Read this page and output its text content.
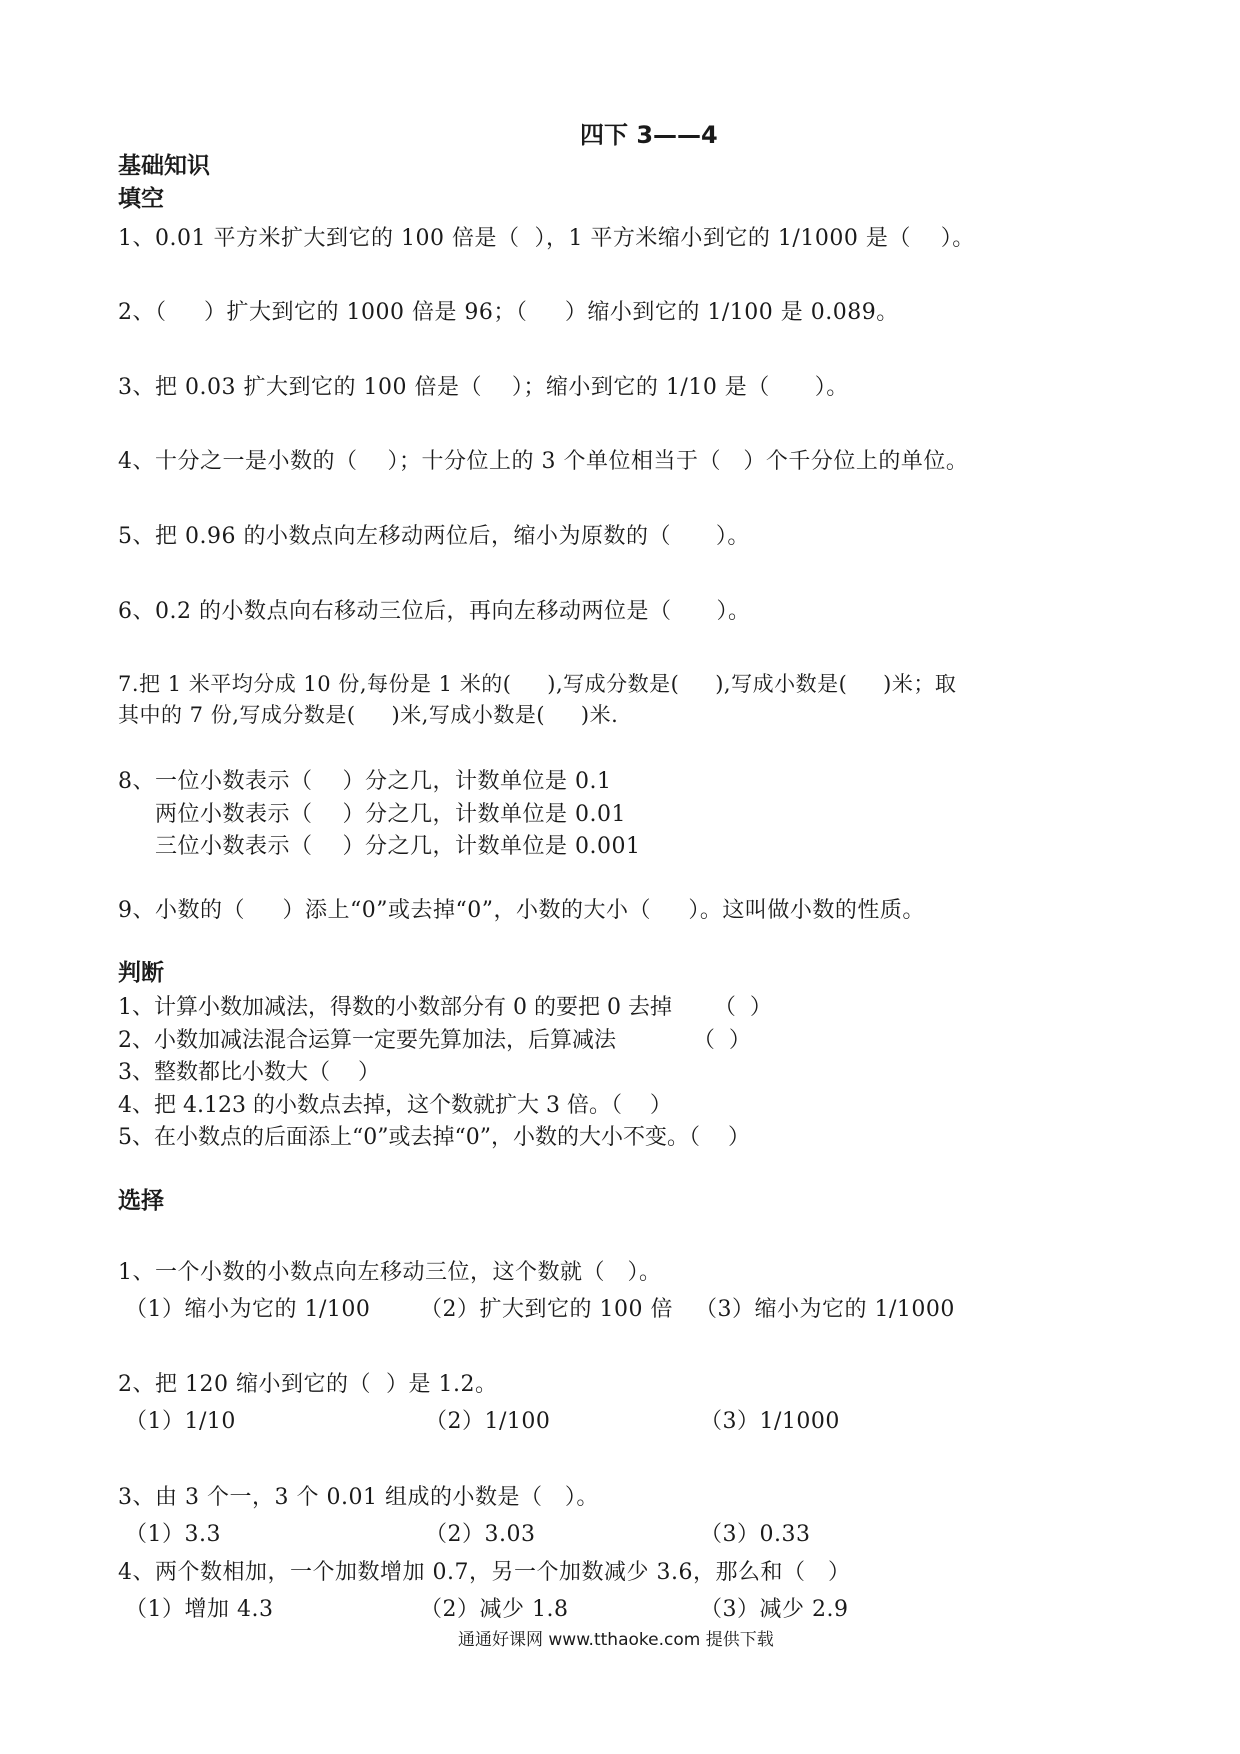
四下 3——4
基础知识
填空
1、0.01 平方米扩大到它的 100 倍是（  ），1 平方米缩小到它的 1/1000 是（    ）。
2、（     ）扩大到它的 1000 倍是 96；（     ）缩小到它的 1/100 是 0.089。
3、把 0.03 扩大到它的 100 倍是（    ）；缩小到它的 1/10 是（      ）。
4、十分之一是小数的（    ）；十分位上的 3 个单位相当于（   ）个千分位上的单位。
5、把 0.96 的小数点向左移动两位后，缩小为原数的（      ）。
6、0.2 的小数点向右移动三位后，再向左移动两位是（      ）。
7.把 1 米平均分成 10 份,每份是 1 米的(     ),写成分数是(     ),写成小数是(     )米；取
其中的 7 份,写成分数是(     )米,写成小数是(     )米.
8、一位小数表示（    ）分之几，计数单位是 0.1
两位小数表示（    ）分之几，计数单位是 0.01
三位小数表示（    ）分之几，计数单位是 0.001
9、小数的（     ）添上“0”或去掉“0”，小数的大小（     ）。这叫做小数的性质。
判断
1、计算小数加减法，得数的小数部分有 0 的要把 0 去掉      （  ）
2、小数加减法混合运算一定要先算加法，后算减法           （  ）
3、整数都比小数大（    ）
4、把 4.123 的小数点去掉，这个数就扩大 3 倍。（    ）
5、在小数点的后面添上“0”或去掉“0”，小数的大小不变。（    ）
选择
1、一个小数的小数点向左移动三位，这个数就（   ）。
（1）缩小为它的 1/100 （2）扩大到它的 100 倍 （3）缩小为它的 1/1000
2、把 120 缩小到它的（  ）是 1.2。
（1）1/10	（2）1/100	（3）1/1000
3、由 3 个一，3 个 0.01 组成的小数是（   ）。
（1）3.3	（2）3.03	（3）0.33
4、两个数相加，一个加数增加 0.7，另一个加数减少 3.6，那么和（   ）
（1）增加 4.3	（2）减少 1.8	（3）减少 2.9
通通好课网 www.tthaoke.com 提供下载
